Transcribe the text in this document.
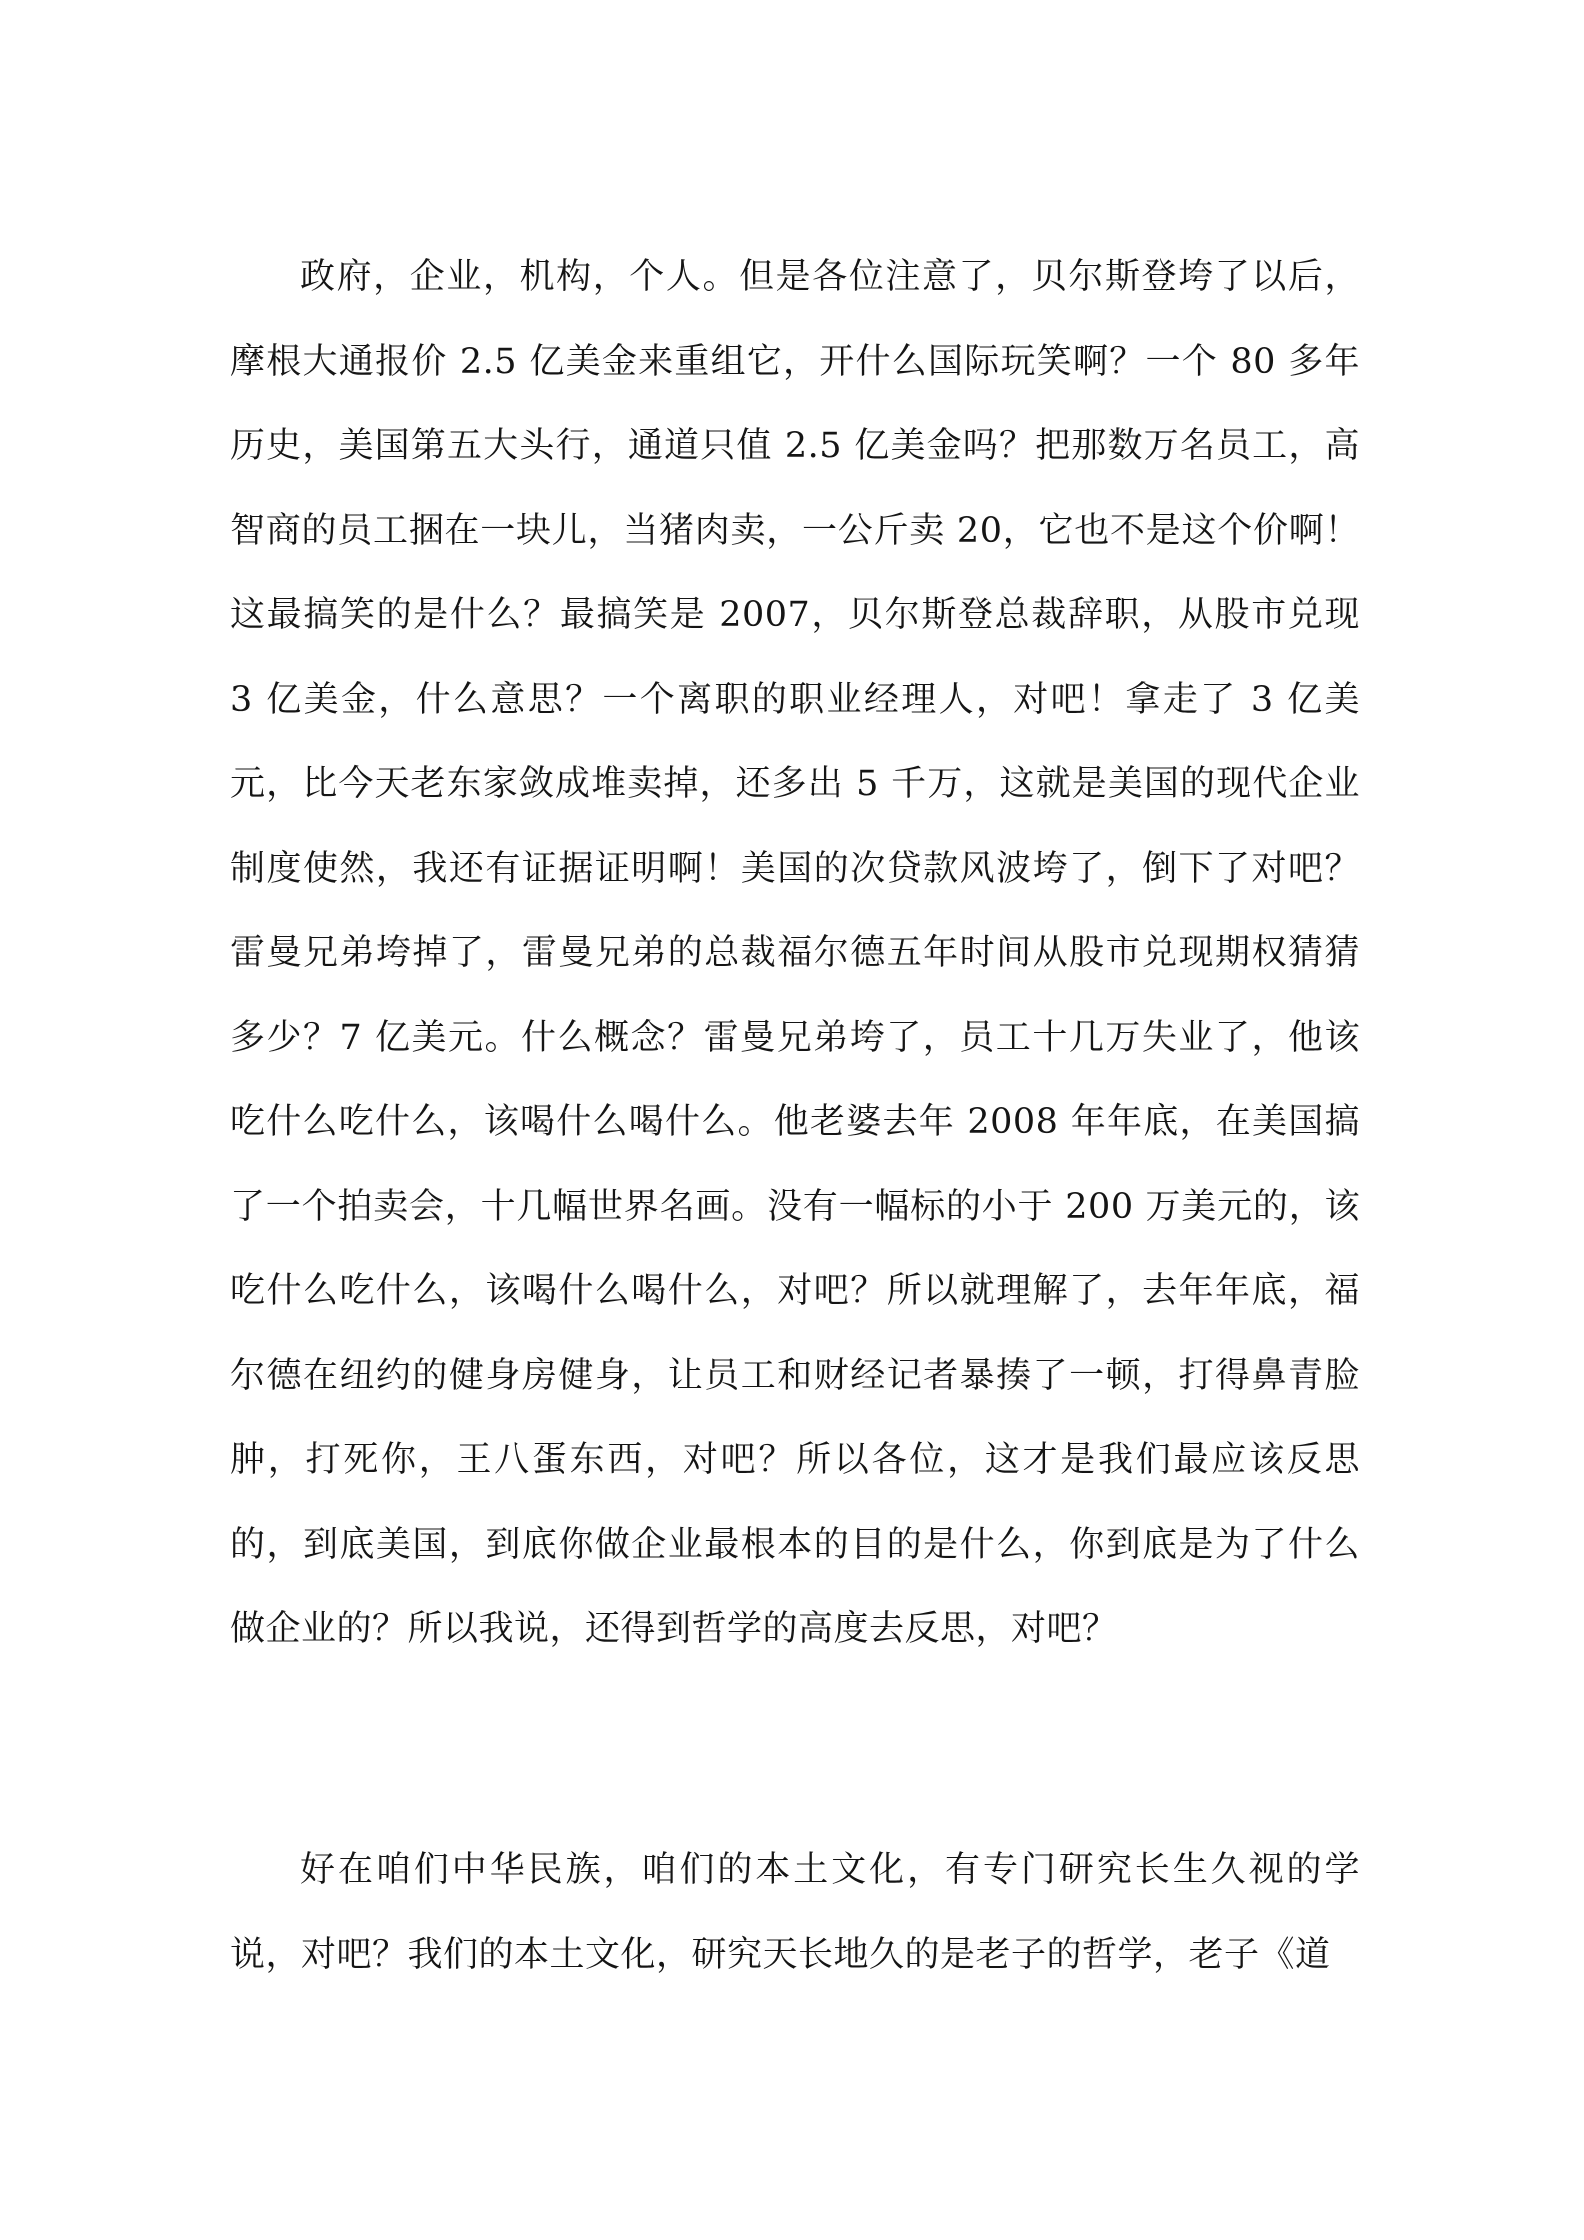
政府，企业，机构，个人。但是各位注意了，贝尔斯登垮了以后，摩根大通报价 2.5 亿美金来重组它，开什么国际玩笑啊？一个 80 多年历史，美国第五大头行，通道只值 2.5 亿美金吗？把那数万名员工，高智商的员工捆在一块儿，当猪肉卖，一公斤卖 20，它也不是这个价啊！这最搞笑的是什么？最搞笑是 2007，贝尔斯登总裁辞职，从股市兑现 3 亿美金，什么意思？一个离职的职业经理人，对吧！拿走了 3 亿美元，比今天老东家敛成堆卖掉，还多出 5 千万，这就是美国的现代企业制度使然，我还有证据证明啊！美国的次贷款风波垮了，倒下了对吧？雷曼兄弟垮掉了，雷曼兄弟的总裁福尔德五年时间从股市兑现期权猜猜多少？7 亿美元。什么概念？雷曼兄弟垮了，员工十几万失业了，他该吃什么吃什么，该喝什么喝什么。他老婆去年 2008 年年底，在美国搞了一个拍卖会，十几幅世界名画。没有一幅标的小于 200 万美元的，该吃什么吃什么，该喝什么喝什么，对吧？所以就理解了，去年年底，福尔德在纽约的健身房健身，让员工和财经记者暴揍了一顿，打得鼻青脸肿，打死你，王八蛋东西，对吧？所以各位，这才是我们最应该反思的，到底美国，到底你做企业最根本的目的是什么，你到底是为了什么做企业的？所以我说，还得到哲学的高度去反思，对吧？

好在咱们中华民族，咱们的本土文化，有专门研究长生久视的学说，对吧？我们的本土文化，研究天长地久的是老子的哲学，老子《道
